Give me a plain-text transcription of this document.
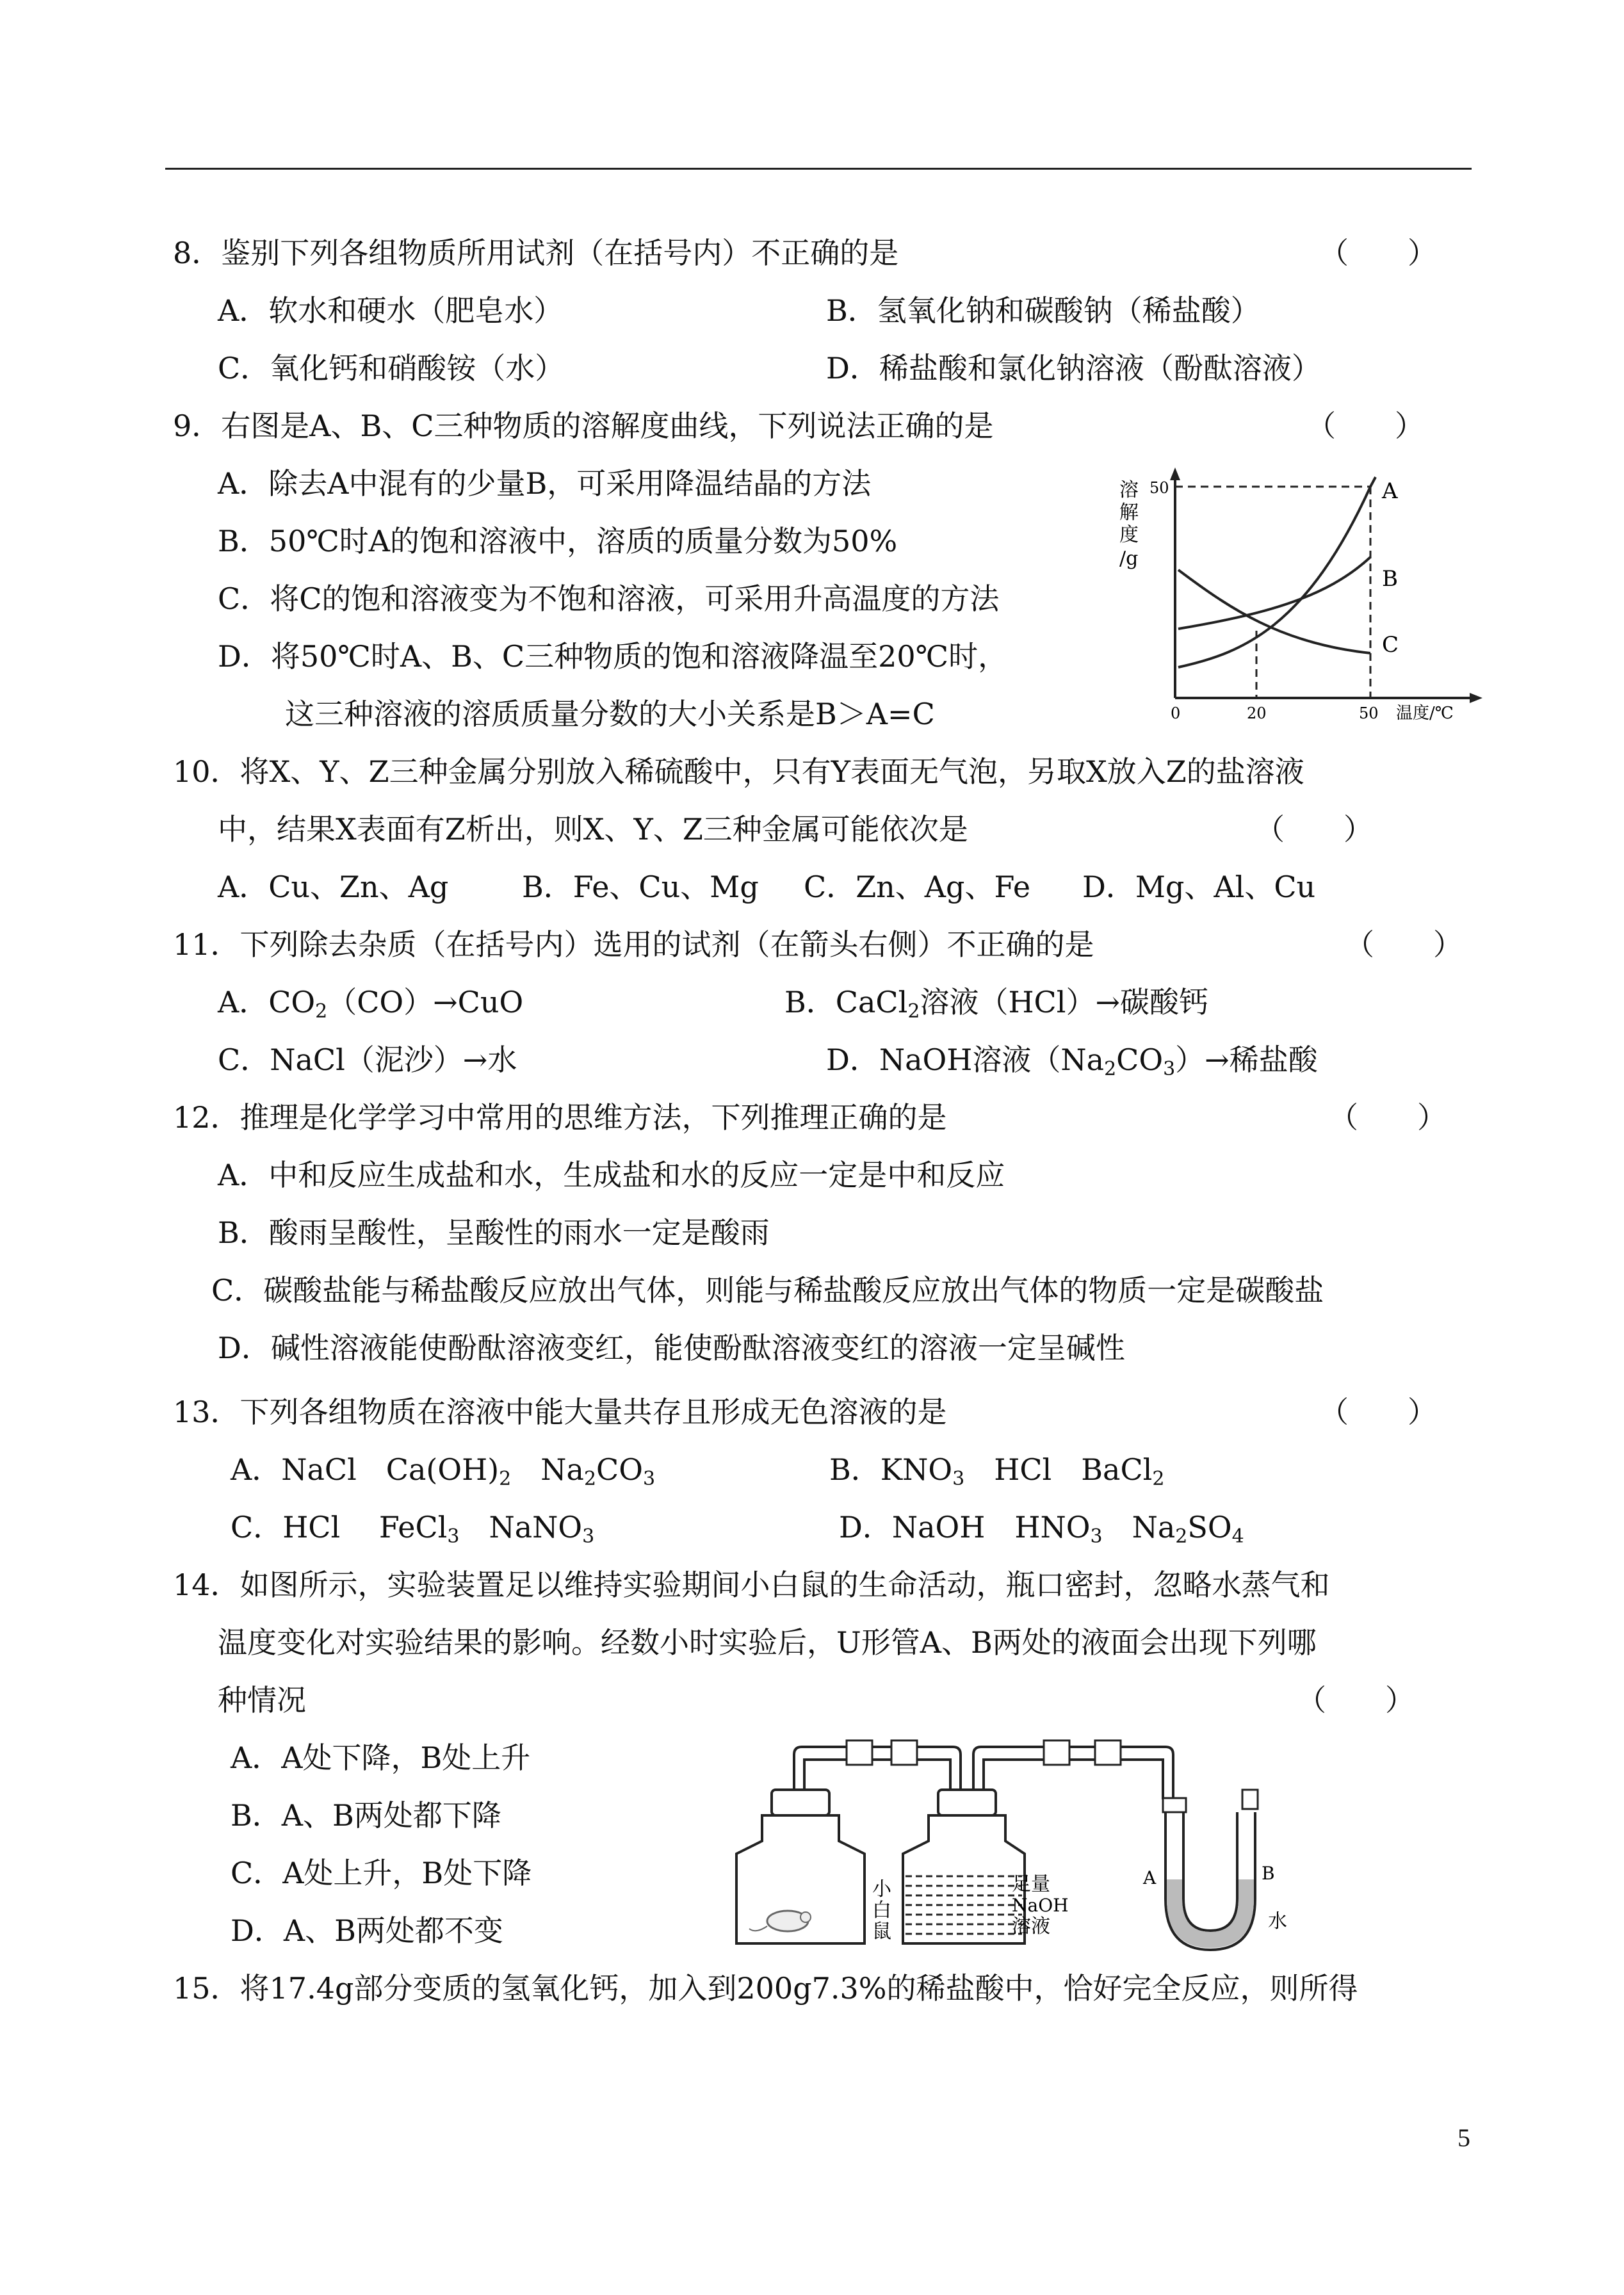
8．鉴别下列各组物质所用试剂（在括号内）不正确的是	（　　）
A．软水和硬水（肥皂水）	B．氢氧化钠和碳酸钠（稀盐酸）
C．氧化钙和硝酸铵（水）	D．稀盐酸和氯化钠溶液（酚酞溶液）
9．右图是A、B、C三种物质的溶解度曲线，下列说法正确的是	（　　）
A．除去A中混有的少量B，可采用降温结晶的方法
B．50℃时A的饱和溶液中，溶质的质量分数为50%
C．将C的饱和溶液变为不饱和溶液，可采用升高温度的方法
D．将50℃时A、B、C三种物质的饱和溶液降温至20℃时，
这三种溶液的溶质质量分数的大小关系是B＞A=C
溶
解
度
/g
50
0	20	50 温度/℃
A
B
C
10．将X、Y、Z三种金属分别放入稀硫酸中，只有Y表面无气泡，另取X放入Z的盐溶液
中，结果X表面有Z析出，则X、Y、Z三种金属可能依次是	（　　）
A．Cu、Zn、Ag B．Fe、Cu、Mg C．Zn、Ag、Fe D．Mg、Al、Cu
11．下列除去杂质（在括号内）选用的试剂（在箭头右侧）不正确的是	（　　）
A．$CO_2(CO)\to CuO$	B．CaCl$_2$溶液（HCl）→碳酸钙
C．NaCl（泥沙）→水	D．NaOH溶液$(Na_2CO_3)\to$稀盐酸
12．推理是化学学习中常用的思维方法，下列推理正确的是	（　　）
A．中和反应生成盐和水，生成盐和水的反应一定是中和反应
B．酸雨呈酸性，呈酸性的雨水一定是酸雨
C．碳酸盐能与稀盐酸反应放出气体，则能与稀盐酸反应放出气体的物质一定是碳酸盐
D．碱性溶液能使酚酞溶液变红，能使酚酞溶液变红的溶液一定呈碱性
13．下列各组物质在溶液中能大量共存且形成无色溶液的是	（　　）
A．NaCl　$Ca(OH)_2$　$Na_2CO_3$	B．$KNO_3$　HCl　BaCl$_2$
C．HCl　 FeCl$_3$　NaNO$_3$	D．NaOH　$HNO_3$　$Na_2SO_4$
14．如图所示，实验装置足以维持实验期间小白鼠的生命活动，瓶口密封，忽略水蒸气和
温度变化对实验结果的影响。经数小时实验后，U形管A、B两处的液面会出现下列哪
种情况	（　　）
A．A处下降，B处上升
B．A、B两处都下降
C．A处上升，B处下降
D．A、B两处都不变
小
白
鼠
足量
NaOH
溶液
A	B
水
15．将17.4g部分变质的氢氧化钙，加入到200g7.3%的稀盐酸中，恰好完全反应，则所得
5
